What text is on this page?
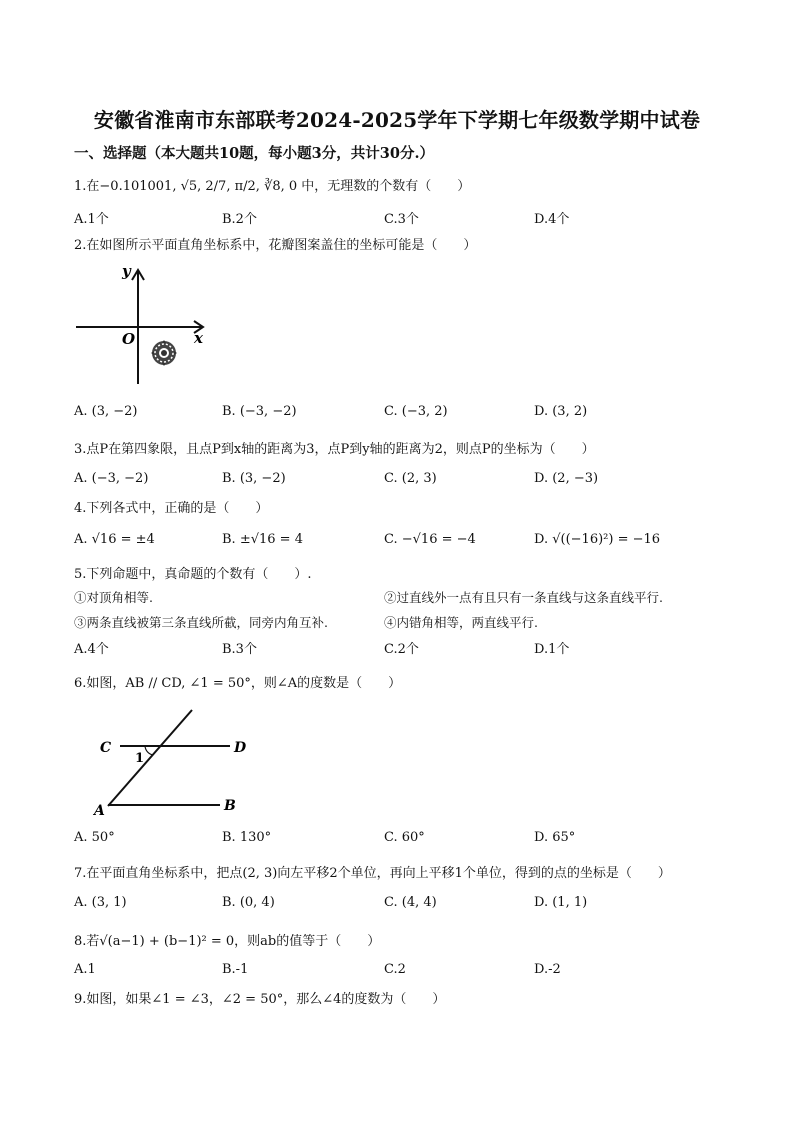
安徽省淮南市东部联考2024-2025学年下学期七年级数学期中试卷
一、选择题（本大题共10题，每小题3分，共计30分.）
1.在−0.101001, √5, 2/7, π/2, ∛8, 0 中，无理数的个数有（　　）
A.1个	B.2个	C.3个	D.4个
2.在如图所示平面直角坐标系中，花瓣图案盖住的坐标可能是（　　）
y
x
O
A. (3, −2)	B. (−3, −2)	C. (−3, 2)	D. (3, 2)
3.点P在第四象限，且点P到x轴的距离为3，点P到y轴的距离为2，则点P的坐标为（　　）
A. (−3, −2)	B. (3, −2)	C. (2, 3)	D. (2, −3)
4.下列各式中，正确的是（　　）
A. √16 = ±4	B. ±√16 = 4	C. −√16 = −4	D. √((−16)²) = −16
5.下列命题中，真命题的个数有（　　）.
①对顶角相等.	②过直线外一点有且只有一条直线与这条直线平行.
③两条直线被第三条直线所截，同旁内角互补.	④内错角相等，两直线平行.
A.4个	B.3个	C.2个	D.1个
6.如图，AB // CD, ∠1 = 50°，则∠A的度数是（　　）
C	D
A	B
1
A. 50°	B. 130°	C. 60°	D. 65°
7.在平面直角坐标系中，把点(2, 3)向左平移2个单位，再向上平移1个单位，得到的点的坐标是（　　）
A. (3, 1)	B. (0, 4)	C. (4, 4)	D. (1, 1)
8.若√(a−1) + (b−1)² = 0，则ab的值等于（　　）
A.1	B.-1	C.2	D.-2
9.如图，如果∠1 = ∠3，∠2 = 50°，那么∠4的度数为（　　）
